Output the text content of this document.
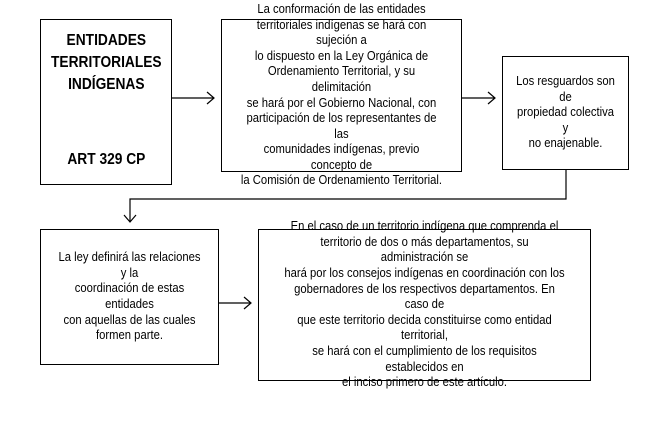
ENTIDADES
TERRITORIALES
INDÍGENAS
ART 329 CP
La conformación de las entidades
territoriales indígenas se hará con sujeción a
lo dispuesto en la Ley Orgánica de
Ordenamiento Territorial, y su delimitación
se hará por el Gobierno Nacional, con
participación de los representantes de las
comunidades indígenas, previo concepto de
la Comisión de Ordenamiento Territorial.
Los resguardos son de
propiedad colectiva y
no enajenable.
La ley definirá las relaciones y la
coordinación de estas entidades
con aquellas de las cuales
formen parte.
En el caso de un territorio indígena que comprenda el
territorio de dos o más departamentos, su administración se
hará por los consejos indígenas en coordinación con los
gobernadores de los respectivos departamentos. En caso de
que este territorio decida constituirse como entidad territorial,
se hará con el cumplimiento de los requisitos establecidos en
el inciso primero de este artículo.
